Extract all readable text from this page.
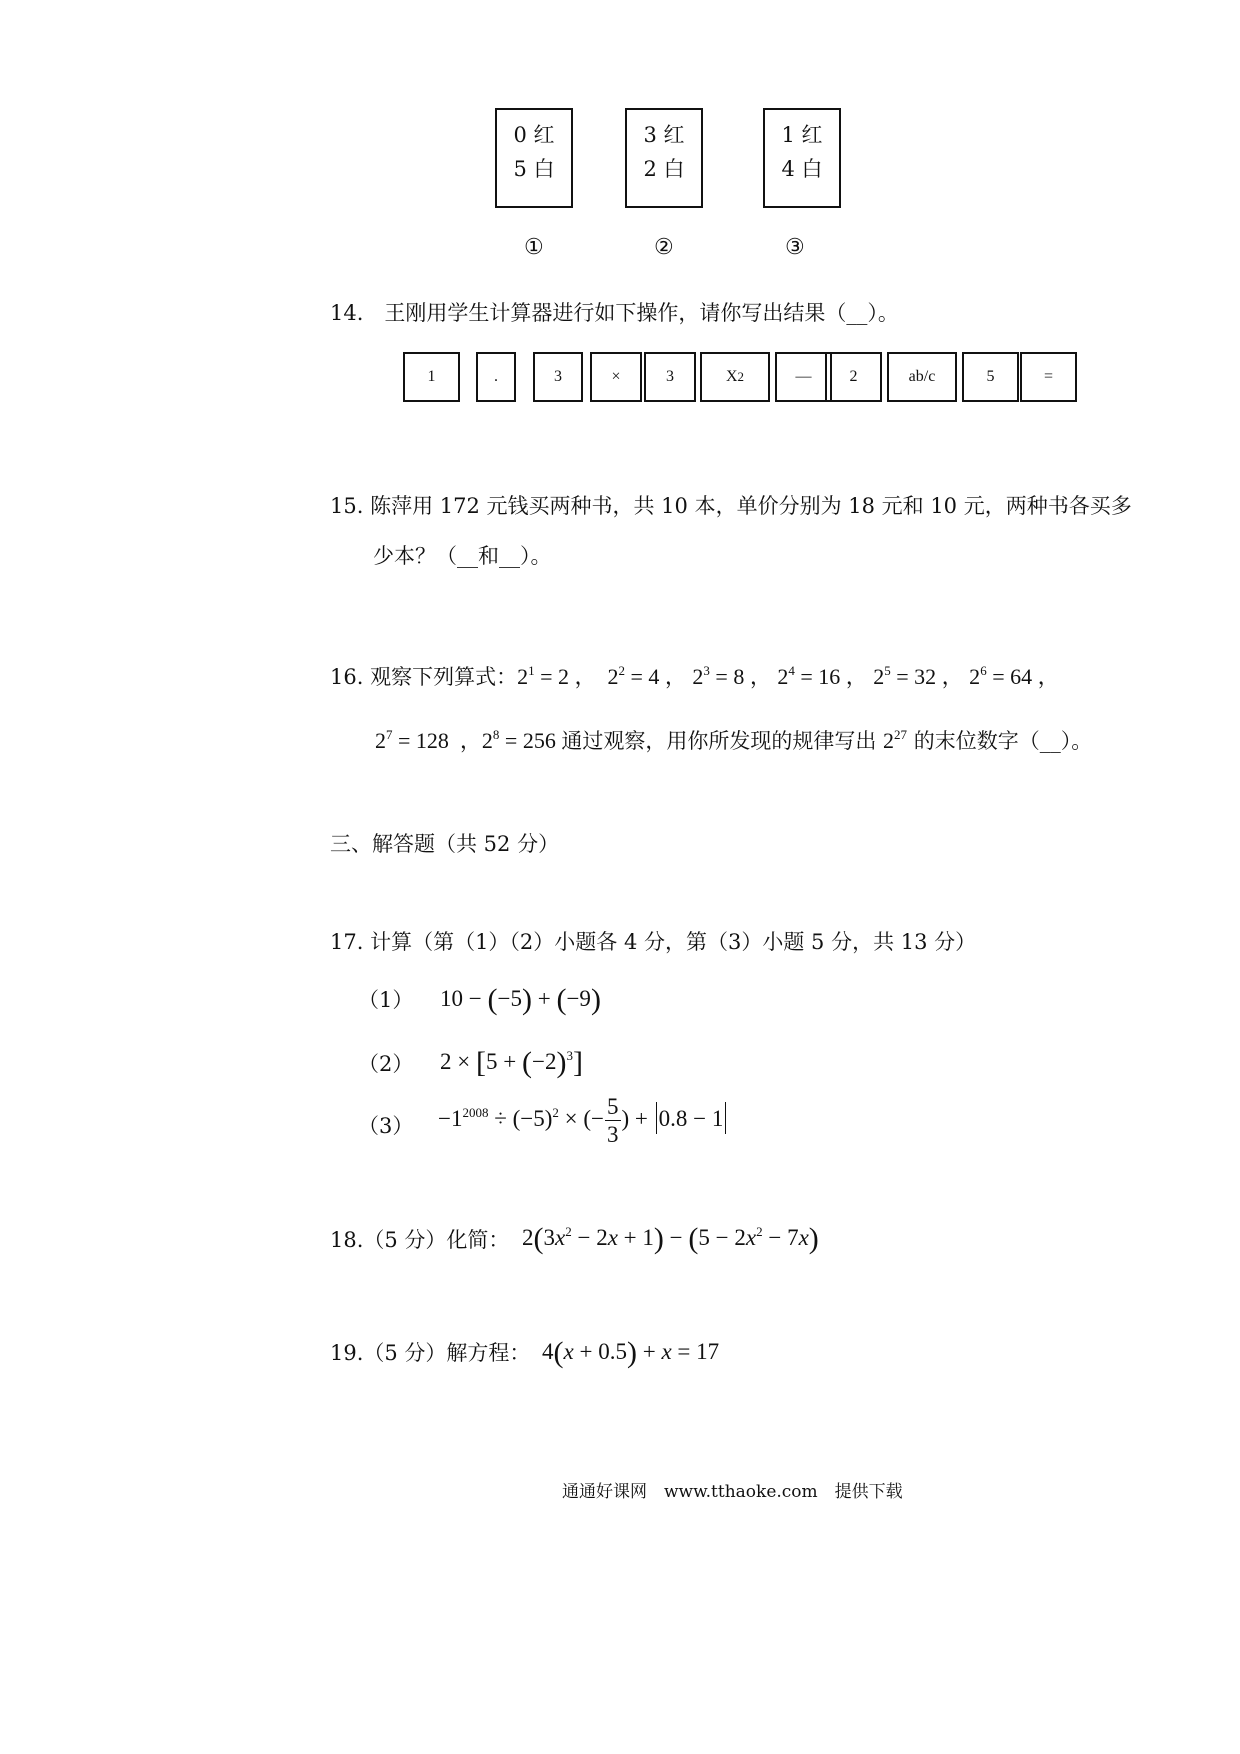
0 红
5 白
3 红
2 白
1 红
4 白
①	②	③
14.　王刚用学生计算器进行如下操作，请你写出结果（__）。
1	.	3	×	3	X 2	—	2	ab/c	5	=
15. 陈萍用 172 元钱买两种书，共 10 本，单价分别为 18 元和 10 元，两种书各买多
少本？（__和__）。
16. 观察下列算式：$2^1 = 2$ ，  $2^2 = 4$ ， $2^3 = 8$ ， $2^4 = 16$ ， $2^5 = 32$ ， $2^6 = 64$ ，
$2^7 = 128$  ，$2^8 = 256$ 通过观察，用你所发现的规律写出 $2^{27}$ 的末位数字（__）。
三、解答题（共 52 分）
17. 计算（第（1）（2）小题各 4 分，第（3）小题 5 分，共 13 分）
（1） 10 − (−5) + (−9)
（2） $2 \times [5 + (-2)^3]$
$(3) -1^{2008} \div (-5)^2$ × (− $\frac{5}{3}$ ) + 0.8 − 1
18.（5 分）化简： $2(3x^2 - 2x + 1) - (5 - 2x^2 - 7x)$
19.（5 分）解方程： 4(x + 0.5) + x = 17
通通好课网　www.tthaoke.com　提供下载
